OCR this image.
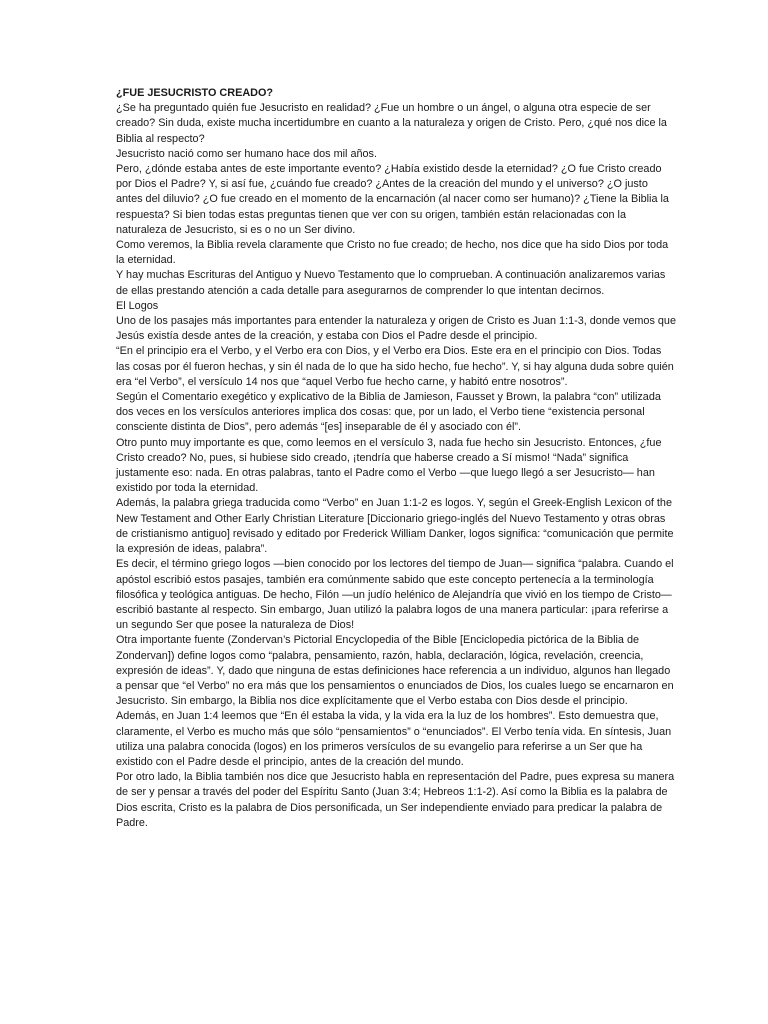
¿FUE JESUCRISTO CREADO?

¿Se ha preguntado quién fue Jesucristo en realidad? ¿Fue un hombre o un ángel, o alguna otra especie de ser creado? Sin duda, existe mucha incertidumbre en cuanto a la naturaleza y origen de Cristo. Pero, ¿qué nos dice la Biblia al respecto?

Jesucristo nació como ser humano hace dos mil años.

Pero, ¿dónde estaba antes de este importante evento? ¿Había existido desde la eternidad? ¿O fue Cristo creado por Dios el Padre? Y, si así fue, ¿cuándo fue creado? ¿Antes de la creación del mundo y el universo? ¿O justo antes del diluvio? ¿O fue creado en el momento de la encarnación (al nacer como ser humano)? ¿Tiene la Biblia la respuesta? Si bien todas estas preguntas tienen que ver con su origen, también están relacionadas con la naturaleza de Jesucristo, si es o no un Ser divino.

Como veremos, la Biblia revela claramente que Cristo no fue creado; de hecho, nos dice que ha sido Dios por toda la eternidad.

Y hay muchas Escrituras del Antiguo y Nuevo Testamento que lo comprueban. A continuación analizaremos varias de ellas prestando atención a cada detalle para asegurarnos de comprender lo que intentan decirnos.

El Logos

Uno de los pasajes más importantes para entender la naturaleza y origen de Cristo es Juan 1:1-3, donde vemos que Jesús existía desde antes de la creación, y estaba con Dios el Padre desde el principio.

“En el principio era el Verbo, y el Verbo era con Dios, y el Verbo era Dios. Este era en el principio con Dios. Todas las cosas por él fueron hechas, y sin él nada de lo que ha sido hecho, fue hecho”. Y, si hay alguna duda sobre quién era “el Verbo”, el versículo 14 nos que “aquel Verbo fue hecho carne, y habitó entre nosotros”.

Según el Comentario exegético y explicativo de la Biblia de Jamieson, Fausset y Brown, la palabra “con” utilizada dos veces en los versículos anteriores implica dos cosas: que, por un lado, el Verbo tiene “existencia personal consciente distinta de Dios”, pero además “[es] inseparable de él y asociado con él”.

Otro punto muy importante es que, como leemos en el versículo 3, nada fue hecho sin Jesucristo. Entonces, ¿fue Cristo creado? No, pues, si hubiese sido creado, ¡tendría que haberse creado a Sí mismo! “Nada” significa justamente eso: nada. En otras palabras, tanto el Padre como el Verbo —que luego llegó a ser Jesucristo— han existido por toda la eternidad.

Además, la palabra griega traducida como “Verbo” en Juan 1:1-2 es logos. Y, según el Greek-English Lexicon of the New Testament and Other Early Christian Literature [Diccionario griego-inglés del Nuevo Testamento y otras obras de cristianismo antiguo] revisado y editado por Frederick William Danker, logos significa: “comunicación que permite la expresión de ideas, palabra”.

Es decir, el término griego logos —bien conocido por los lectores del tiempo de Juan— significa “palabra. Cuando el apóstol escribió estos pasajes, también era comúnmente sabido que este concepto pertenecía a la terminología filosófica y teológica antiguas. De hecho, Filón —un judío helénico de Alejandría que vivió en los tiempo de Cristo— escribió bastante al respecto. Sin embargo, Juan utilizó la palabra logos de una manera particular: ¡para referirse a un segundo Ser que posee la naturaleza de Dios!

Otra importante fuente (Zondervan’s Pictorial Encyclopedia of the Bible [Enciclopedia pictórica de la Biblia de Zondervan]) define logos como “palabra, pensamiento, razón, habla, declaración, lógica, revelación, creencia, expresión de ideas”. Y, dado que ninguna de estas definiciones hace referencia a un individuo, algunos han llegado a pensar que “el Verbo” no era más que los pensamientos o enunciados de Dios, los cuales luego se encarnaron en Jesucristo. Sin embargo, la Biblia nos dice explícitamente que el Verbo estaba con Dios desde el principio.

Además, en Juan 1:4 leemos que “En él estaba la vida, y la vida era la luz de los hombres”. Esto demuestra que, claramente, el Verbo es mucho más que sólo “pensamientos” o “enunciados”. El Verbo tenía vida. En síntesis, Juan utiliza una palabra conocida (logos) en los primeros versículos de su evangelio para referirse a un Ser que ha existido con el Padre desde el principio, antes de la creación del mundo.

Por otro lado, la Biblia también nos dice que Jesucristo habla en representación del Padre, pues expresa su manera de ser y pensar a través del poder del Espíritu Santo (Juan 3:4; Hebreos 1:1-2). Así como la Biblia es la palabra de Dios escrita, Cristo es la palabra de Dios personificada, un Ser independiente enviado para predicar la palabra de Padre.
